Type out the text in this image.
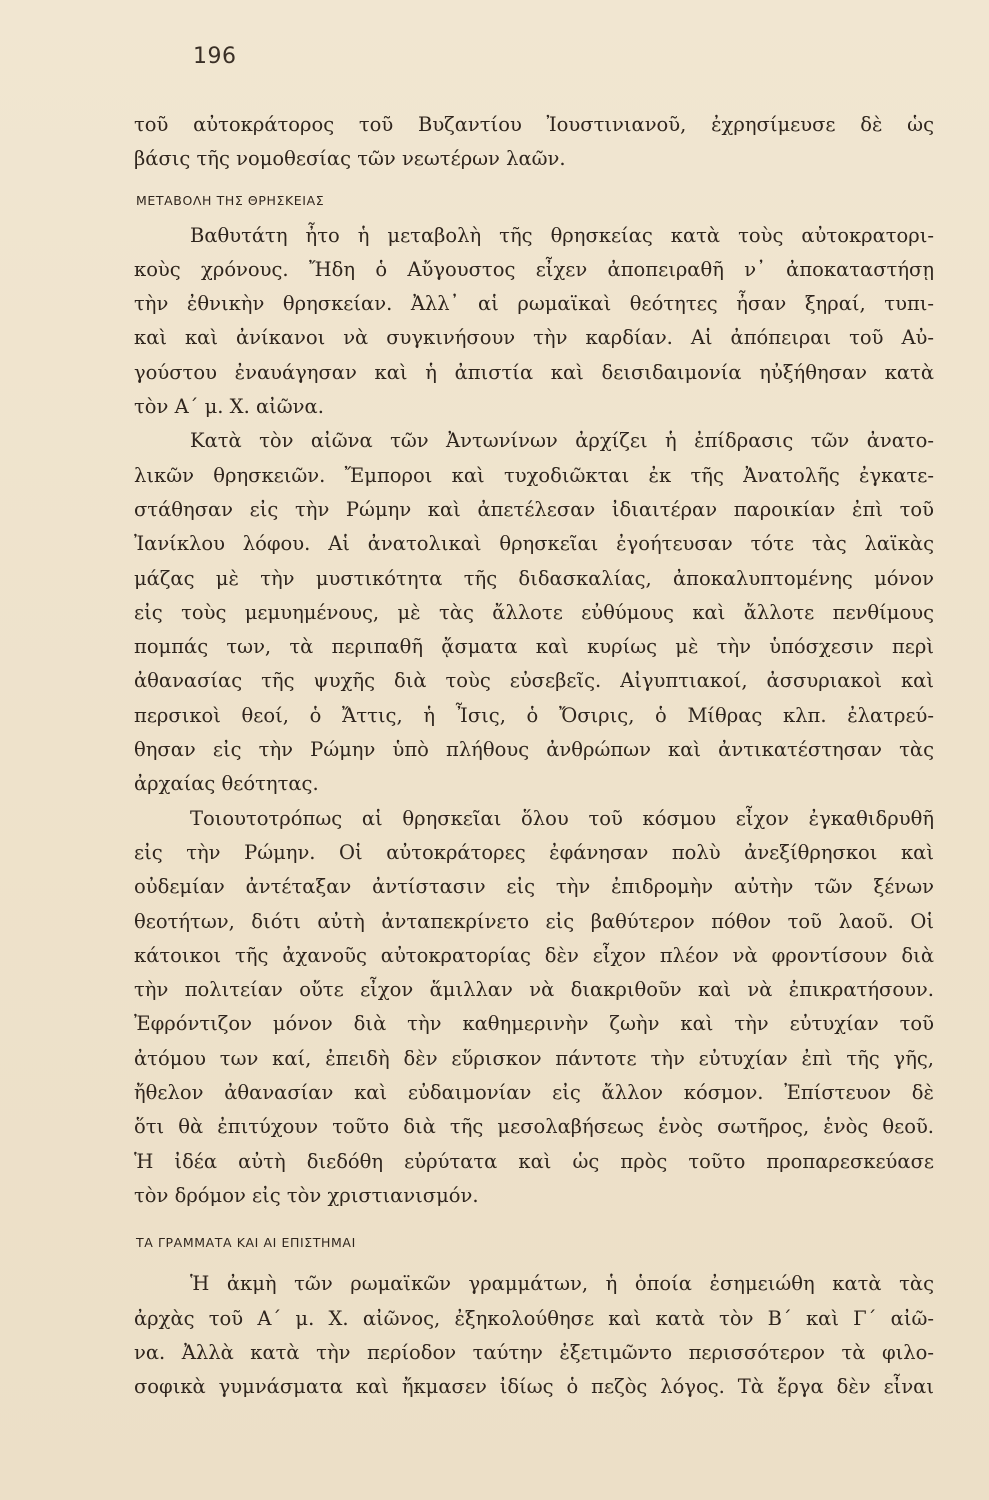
196
τοῦ αὐτοκράτορος τοῦ Βυζαντίου Ἰουστινιανοῦ, ἐχρησίμευσε δὲ ὡς
βάσις τῆς νομοθεσίας τῶν νεωτέρων λαῶν.
ΜΕΤΑΒΟΛΗ ΤΗΣ ΘΡΗΣΚΕΙΑΣ
Βαθυτάτη ἦτο ἡ μεταβολὴ τῆς θρησκείας κατὰ τοὺς αὐτοκρατορι-
κοὺς χρόνους. Ἤδη ὁ Αὔγουστος εἶχεν ἀποπειραθῆ ν᾽ ἀποκαταστήσῃ
τὴν ἐθνικὴν θρησκείαν. Ἀλλ᾽ αἱ ρωμαϊκαὶ θεότητες ἦσαν ξηραί, τυπι-
καὶ καὶ ἀνίκανοι νὰ συγκινήσουν τὴν καρδίαν. Αἱ ἀπόπειραι τοῦ Αὐ-
γούστου ἐναυάγησαν καὶ ἡ ἀπιστία καὶ δεισιδαιμονία ηὐξήθησαν κατὰ
τὸν Α´ μ. Χ. αἰῶνα.
Κατὰ τὸν αἰῶνα τῶν Ἀντωνίνων ἀρχίζει ἡ ἐπίδρασις τῶν ἀνατο-
λικῶν θρησκειῶν. Ἔμποροι καὶ τυχοδιῶκται ἐκ τῆς Ἀνατολῆς ἐγκατε-
στάθησαν εἰς τὴν Ρώμην καὶ ἀπετέλεσαν ἰδιαιτέραν παροικίαν ἐπὶ τοῦ
Ἰανίκλου λόφου. Αἱ ἀνατολικαὶ θρησκεῖαι ἐγοήτευσαν τότε τὰς λαϊκὰς
μάζας μὲ τὴν μυστικότητα τῆς διδασκαλίας, ἀποκαλυπτομένης μόνον
εἰς τοὺς μεμυημένους, μὲ τὰς ἄλλοτε εὐθύμους καὶ ἄλλοτε πενθίμους
πομπάς των, τὰ περιπαθῆ ᾄσματα καὶ κυρίως μὲ τὴν ὑπόσχεσιν περὶ
ἀθανασίας τῆς ψυχῆς διὰ τοὺς εὐσεβεῖς. Αἰγυπτιακοί, ἀσσυριακοὶ καὶ
περσικοὶ θεοί, ὁ Ἄττις, ἡ Ἶσις, ὁ Ὄσιρις, ὁ Μίθρας κλπ. ἐλατρεύ-
θησαν εἰς τὴν Ρώμην ὑπὸ πλήθους ἀνθρώπων καὶ ἀντικατέστησαν τὰς
ἀρχαίας θεότητας.
Τοιουτοτρόπως αἱ θρησκεῖαι ὅλου τοῦ κόσμου εἶχον ἐγκαθιδρυθῆ
εἰς τὴν Ρώμην. Οἱ αὐτοκράτορες ἐφάνησαν πολὺ ἀνεξίθρησκοι καὶ
οὐδεμίαν ἀντέταξαν ἀντίστασιν εἰς τὴν ἐπιδρομὴν αὐτὴν τῶν ξένων
θεοτήτων, διότι αὐτὴ ἀνταπεκρίνετο εἰς βαθύτερον πόθον τοῦ λαοῦ. Οἱ
κάτοικοι τῆς ἀχανοῦς αὐτοκρατορίας δὲν εἶχον πλέον νὰ φροντίσουν διὰ
τὴν πολιτείαν οὔτε εἶχον ἅμιλλαν νὰ διακριθοῦν καὶ νὰ ἐπικρατήσουν.
Ἐφρόντιζον μόνον διὰ τὴν καθημερινὴν ζωὴν καὶ τὴν εὐτυχίαν τοῦ
ἀτόμου των καί, ἐπειδὴ δὲν εὕρισκον πάντοτε τὴν εὐτυχίαν ἐπὶ τῆς γῆς,
ἤθελον ἀθανασίαν καὶ εὐδαιμονίαν εἰς ἄλλον κόσμον. Ἐπίστευον δὲ
ὅτι θὰ ἐπιτύχουν τοῦτο διὰ τῆς μεσολαβήσεως ἑνὸς σωτῆρος, ἑνὸς θεοῦ.
Ἡ ἰδέα αὐτὴ διεδόθη εὐρύτατα καὶ ὡς πρὸς τοῦτο προπαρεσκεύασε
τὸν δρόμον εἰς τὸν χριστιανισμόν.
ΤΑ ΓΡΑΜΜΑΤΑ ΚΑΙ ΑΙ ΕΠΙΣΤΗΜΑΙ
Ἡ ἀκμὴ τῶν ρωμαϊκῶν γραμμάτων, ἡ ὁποία ἐσημειώθη κατὰ τὰς
ἀρχὰς τοῦ Α´ μ. Χ. αἰῶνος, ἐξηκολούθησε καὶ κατὰ τὸν Β´ καὶ Γ´ αἰῶ-
να. Ἀλλὰ κατὰ τὴν περίοδον ταύτην ἐξετιμῶντο περισσότερον τὰ φιλο-
σοφικὰ γυμνάσματα καὶ ἤκμασεν ἰδίως ὁ πεζὸς λόγος. Τὰ ἔργα δὲν εἶναι
